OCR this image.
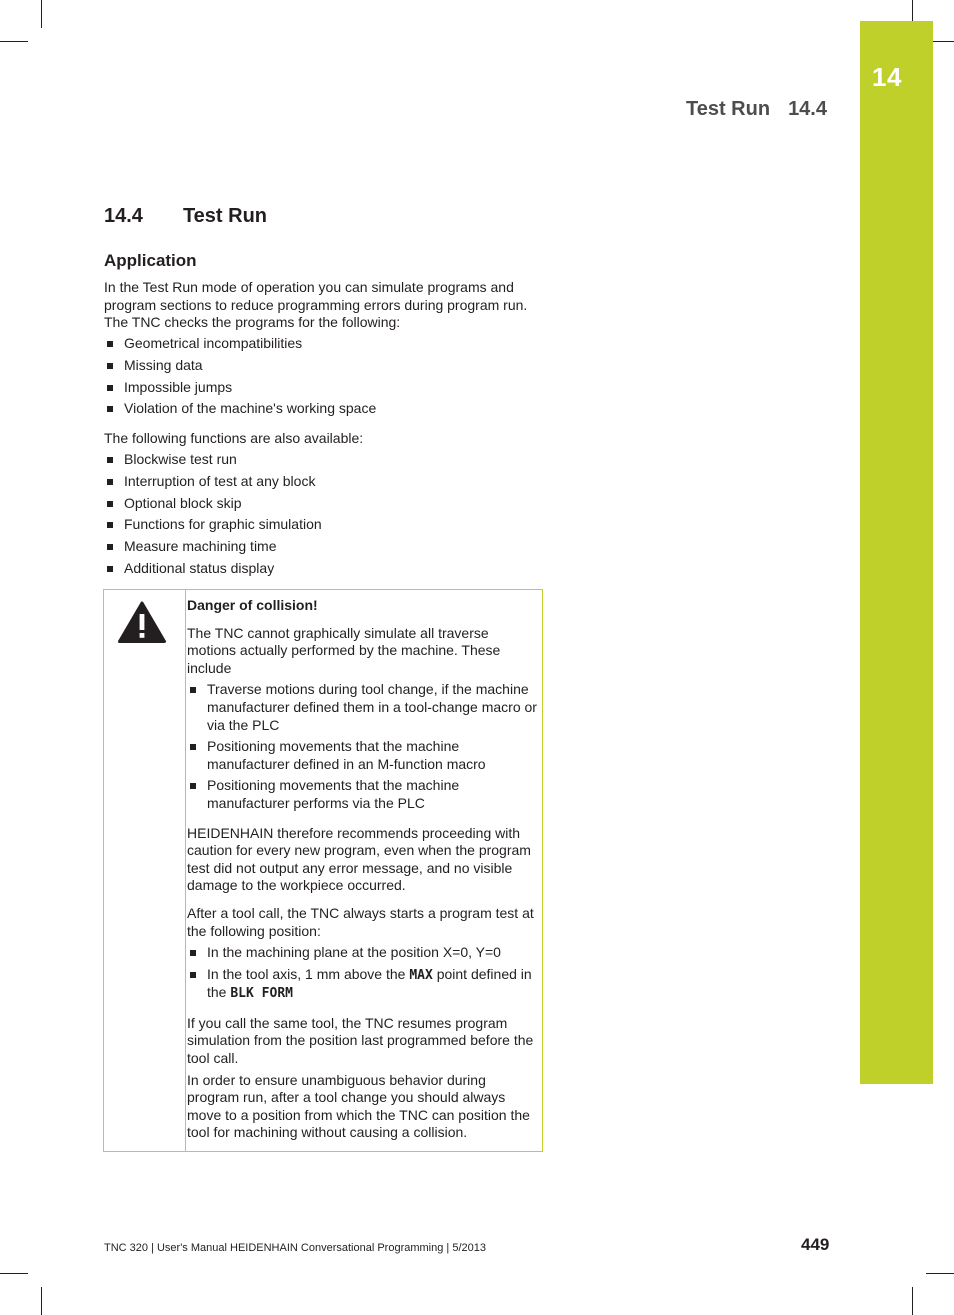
14
Test Run 14.4
14.4 Test Run
Application
In the Test Run mode of operation you can simulate programs and program sections to reduce programming errors during program run. The TNC checks the programs for the following:
Geometrical incompatibilities
Missing data
Impossible jumps
Violation of the machine's working space
The following functions are also available:
Blockwise test run
Interruption of test at any block
Optional block skip
Functions for graphic simulation
Measure machining time
Additional status display

Danger of collision!

The TNC cannot graphically simulate all traverse motions actually performed by the machine. These include

Traverse motions during tool change, if the machine manufacturer defined them in a tool-change macro or via the PLC
Positioning movements that the machine manufacturer defined in an M-function macro
Positioning movements that the machine manufacturer performs via the PLC

HEIDENHAIN therefore recommends proceeding with caution for every new program, even when the program test did not output any error message, and no visible damage to the workpiece occurred.

After a tool call, the TNC always starts a program test at the following position:

In the machining plane at the position X=0, Y=0
In the tool axis, 1 mm above the MAX point defined in the BLK FORM

If you call the same tool, the TNC resumes program simulation from the position last programmed before the tool call.

In order to ensure unambiguous behavior during program run, after a tool change you should always move to a position from which the TNC can position the tool for machining without causing a collision.

TNC 320 | User's Manual HEIDENHAIN Conversational Programming | 5/2013	449
